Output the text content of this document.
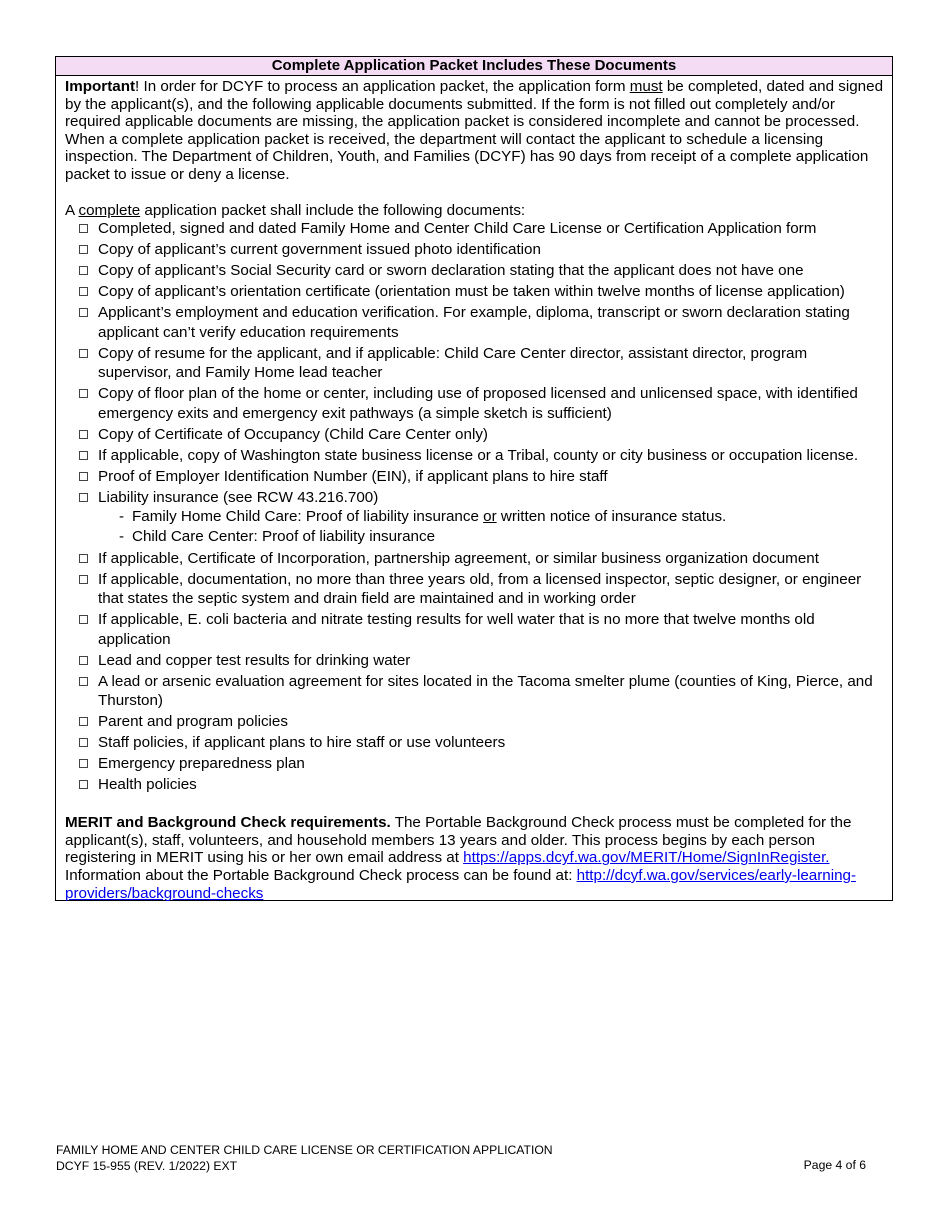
Complete Application Packet Includes These Documents

Important! In order for DCYF to process an application packet, the application form must be completed, dated and signed by the applicant(s), and the following applicable documents submitted. If the form is not filled out completely and/or required applicable documents are missing, the application packet is considered incomplete and cannot be processed. When a complete application packet is received, the department will contact the applicant to schedule a licensing inspection. The Department of Children, Youth, and Families (DCYF) has 90 days from receipt of a complete application packet to issue or deny a license.

A complete application packet shall include the following documents:

Completed, signed and dated Family Home and Center Child Care License or Certification Application form
Copy of applicant’s current government issued photo identification
Copy of applicant’s Social Security card or sworn declaration stating that the applicant does not have one
Copy of applicant’s orientation certificate (orientation must be taken within twelve months of license application)
Applicant’s employment and education verification. For example, diploma, transcript or sworn declaration stating applicant can’t verify education requirements
Copy of resume for the applicant, and if applicable: Child Care Center director, assistant director, program supervisor, and Family Home lead teacher
Copy of floor plan of the home or center, including use of proposed licensed and unlicensed space, with identified emergency exits and emergency exit pathways (a simple sketch is sufficient)
Copy of Certificate of Occupancy (Child Care Center only)
If applicable, copy of Washington state business license or a Tribal, county or city business or occupation license.
Proof of Employer Identification Number (EIN), if applicant plans to hire staff
Liability insurance (see RCW 43.216.700)
- Family Home Child Care: Proof of liability insurance or written notice of insurance status.
- Child Care Center: Proof of liability insurance
If applicable, Certificate of Incorporation, partnership agreement, or similar business organization document
If applicable, documentation, no more than three years old, from a licensed inspector, septic designer, or engineer that states the septic system and drain field are maintained and in working order
If applicable, E. coli bacteria and nitrate testing results for well water that is no more that twelve months old application
Lead and copper test results for drinking water
A lead or arsenic evaluation agreement for sites located in the Tacoma smelter plume (counties of King, Pierce, and Thurston)
Parent and program policies
Staff policies, if applicant plans to hire staff or use volunteers
Emergency preparedness plan
Health policies

MERIT and Background Check requirements. The Portable Background Check process must be completed for the applicant(s), staff, volunteers, and household members 13 years and older. This process begins by each person registering in MERIT using his or her own email address at https://apps.dcyf.wa.gov/MERIT/Home/SignInRegister. Information about the Portable Background Check process can be found at: http://dcyf.wa.gov/services/early-learning-providers/background-checks

FAMILY HOME AND CENTER CHILD CARE LICENSE OR CERTIFICATION APPLICATION
DCYF 15-955 (REV. 1/2022) EXT	Page 4 of 6
